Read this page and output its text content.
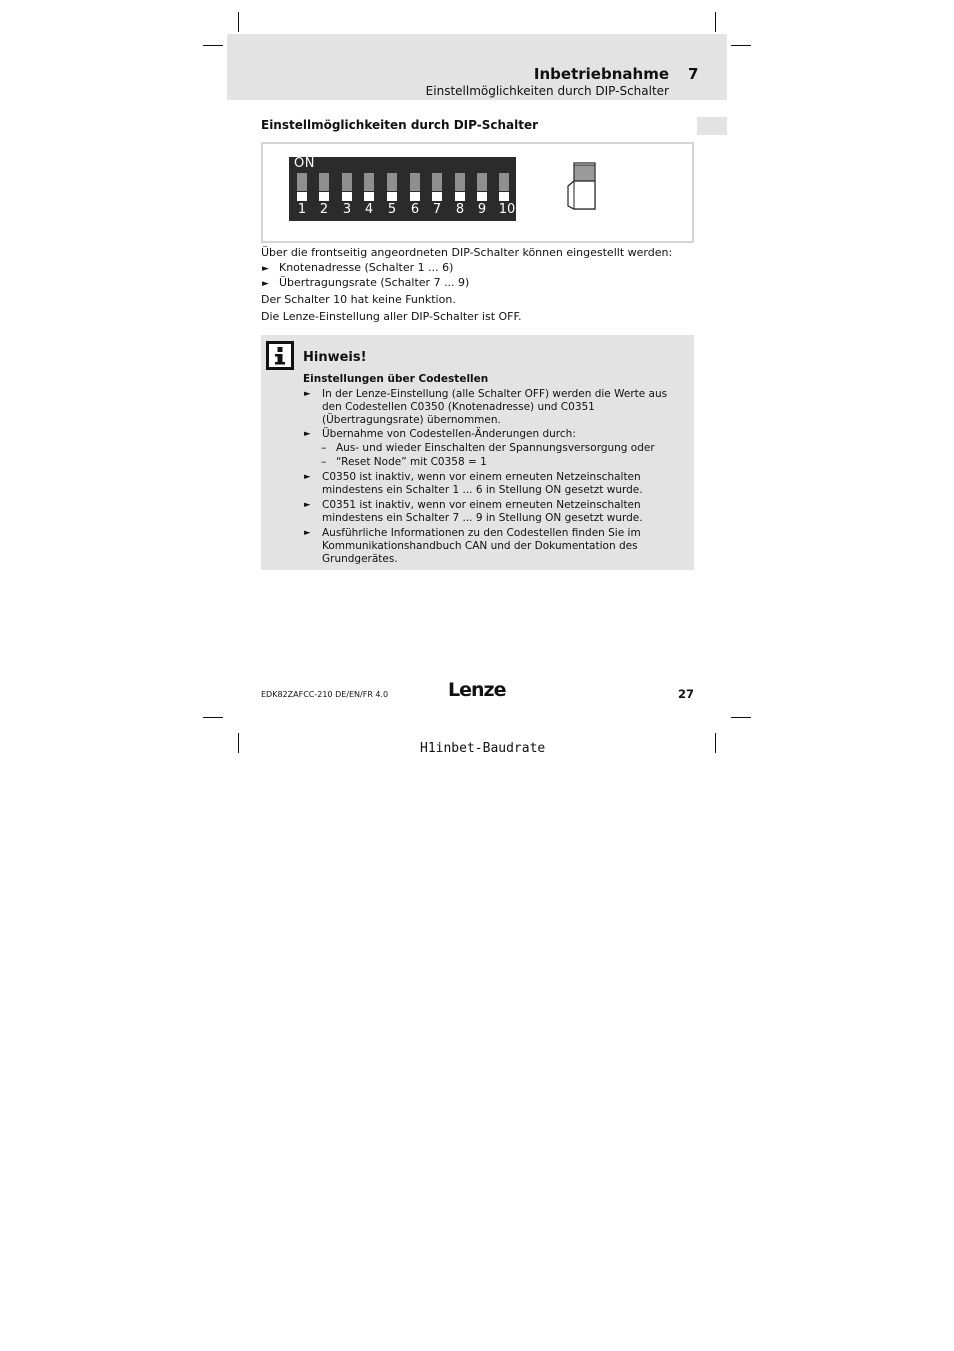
Inbetriebnahme 7
Einstellmöglichkeiten durch DIP-Schalter
Einstellmöglichkeiten durch DIP-Schalter
ON
1	2	3	4	5	6	7	8	9 10
Über die frontseitig angeordneten DIP-Schalter können eingestellt werden:
► Knotenadresse (Schalter 1 ... 6)
► Übertragungsrate (Schalter 7 ... 9)
Der Schalter 10 hat keine Funktion.
Die Lenze-Einstellung aller DIP-Schalter ist OFF.
Hinweis!
Einstellungen über Codestellen
► In der Lenze-Einstellung (alle Schalter OFF) werden die Werte aus den Codestellen C0350 (Knotenadresse) und C0351 (Übertragungsrate) übernommen.
► Übernahme von Codestellen-Änderungen durch:
– Aus- und wieder Einschalten der Spannungsversorgung oder
– “Reset Node” mit C0358 = 1
► C0350 ist inaktiv, wenn vor einem erneuten Netzeinschalten mindestens ein Schalter 1 ... 6 in Stellung ON gesetzt wurde.
► C0351 ist inaktiv, wenn vor einem erneuten Netzeinschalten mindestens ein Schalter 7 ... 9 in Stellung ON gesetzt wurde.
► Ausführliche Informationen zu den Codestellen finden Sie im Kommunikationshandbuch CAN und der Dokumentation des Grundgerätes.
EDK82ZAFCC-210 DE/EN/FR 4.0	Lenze	27
H1inbet-Baudrate
